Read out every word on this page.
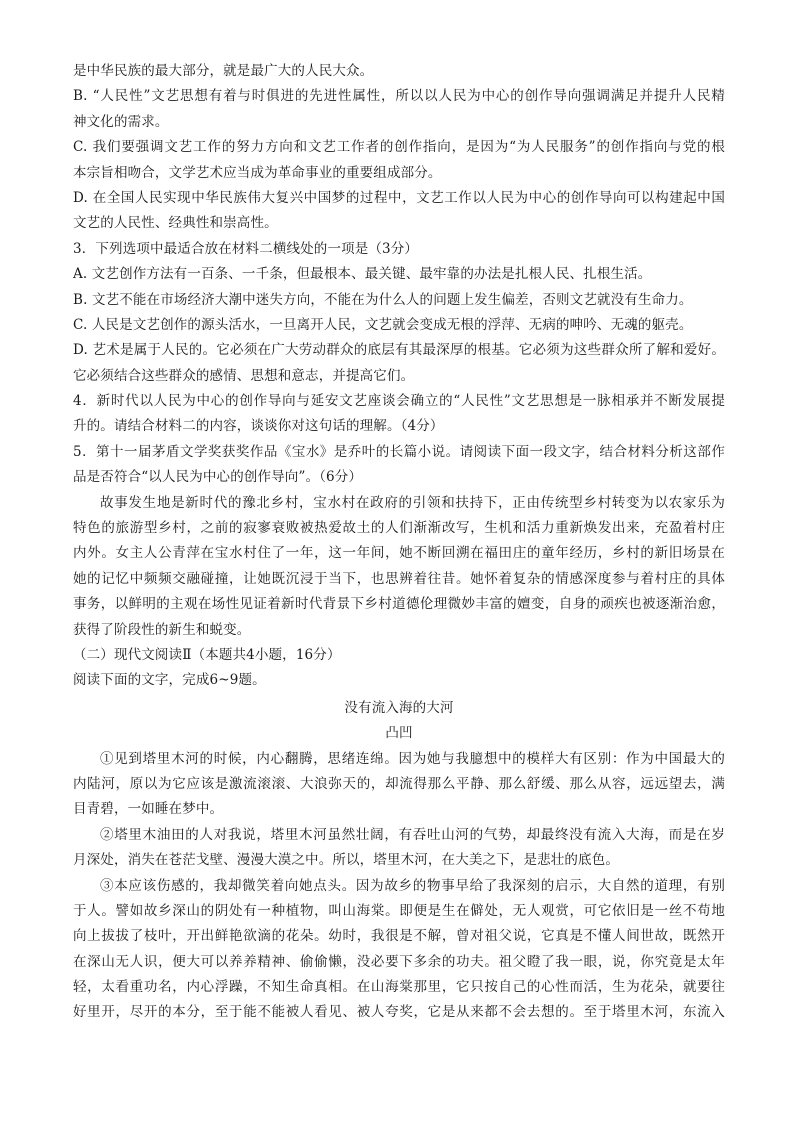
是中华民族的最大部分，就是最广大的人民大众。
B. “人民性”文艺思想有着与时俱进的先进性属性，所以以人民为中心的创作导向强调满足并提升人民精
神文化的需求。
C. 我们要强调文艺工作的努力方向和文艺工作者的创作指向，是因为“为人民服务”的创作指向与党的根
本宗旨相吻合，文学艺术应当成为革命事业的重要组成部分。
D. 在全国人民实现中华民族伟大复兴中国梦的过程中，文艺工作以人民为中心的创作导向可以构建起中国
文艺的人民性、经典性和崇高性。
3．下列选项中最适合放在材料二横线处的一项是（3分）
A. 文艺创作方法有一百条、一千条，但最根本、最关键、最牢靠的办法是扎根人民、扎根生活。
B. 文艺不能在市场经济大潮中迷失方向，不能在为什么人的问题上发生偏差，否则文艺就没有生命力。
C. 人民是文艺创作的源头活水，一旦离开人民，文艺就会变成无根的浮萍、无病的呻吟、无魂的躯壳。
D. 艺术是属于人民的。它必须在广大劳动群众的底层有其最深厚的根基。它必须为这些群众所了解和爱好。
它必须结合这些群众的感情、思想和意志，并提高它们。
4．新时代以人民为中心的创作导向与延安文艺座谈会确立的“人民性”文艺思想是一脉相承并不断发展提
升的。请结合材料二的内容，谈谈你对这句话的理解。（4分）
5．第十一届茅盾文学奖获奖作品《宝水》是乔叶的长篇小说。请阅读下面一段文字，结合材料分析这部作
品是否符合“以人民为中心的创作导向”。（6分）
故事发生地是新时代的豫北乡村，宝水村在政府的引领和扶持下，正由传统型乡村转变为以农家乐为
特色的旅游型乡村，之前的寂寥衰败被热爱故土的人们渐渐改写，生机和活力重新焕发出来，充盈着村庄
内外。女主人公青萍在宝水村住了一年，这一年间，她不断回溯在福田庄的童年经历，乡村的新旧场景在
她的记忆中频频交融碰撞，让她既沉浸于当下，也思辨着往昔。她怀着复杂的情感深度参与着村庄的具体
事务，以鲜明的主观在场性见证着新时代背景下乡村道德伦理微妙丰富的嬗变，自身的顽疾也被逐渐治愈，
获得了阶段性的新生和蜕变。
（二）现代文阅读Ⅱ（本题共4小题，16分）
阅读下面的文字，完成6~9题。
没有流入海的大河
凸凹
①见到塔里木河的时候，内心翻腾，思绪连绵。因为她与我臆想中的模样大有区别：作为中国最大的
内陆河，原以为它应该是激流滚滚、大浪弥天的，却流得那么平静、那么舒缓、那么从容，远远望去，满
目青碧，一如睡在梦中。
②塔里木油田的人对我说，塔里木河虽然壮阔，有吞吐山河的气势，却最终没有流入大海，而是在岁
月深处，消失在苍茫戈壁、漫漫大漠之中。所以，塔里木河，在大美之下，是悲壮的底色。
③本应该伤感的，我却微笑着向她点头。因为故乡的物事早给了我深刻的启示，大自然的道理，有别
于人。譬如故乡深山的阴处有一种植物，叫山海棠。即便是生在僻处，无人观赏，可它依旧是一丝不苟地
向上拔拔了枝叶，开出鲜艳欲滴的花朵。幼时，我很是不解，曾对祖父说，它真是不懂人间世故，既然开
在深山无人识，便大可以养养精神、偷偷懒，没必要下多余的功夫。祖父瞪了我一眼，说，你究竟是太年
轻，太看重功名，内心浮躁，不知生命真相。在山海棠那里，它只按自己的心性而活，生为花朵，就要往
好里开，尽开的本分，至于能不能被人看见、被人夸奖，它是从来都不会去想的。至于塔里木河，东流入
